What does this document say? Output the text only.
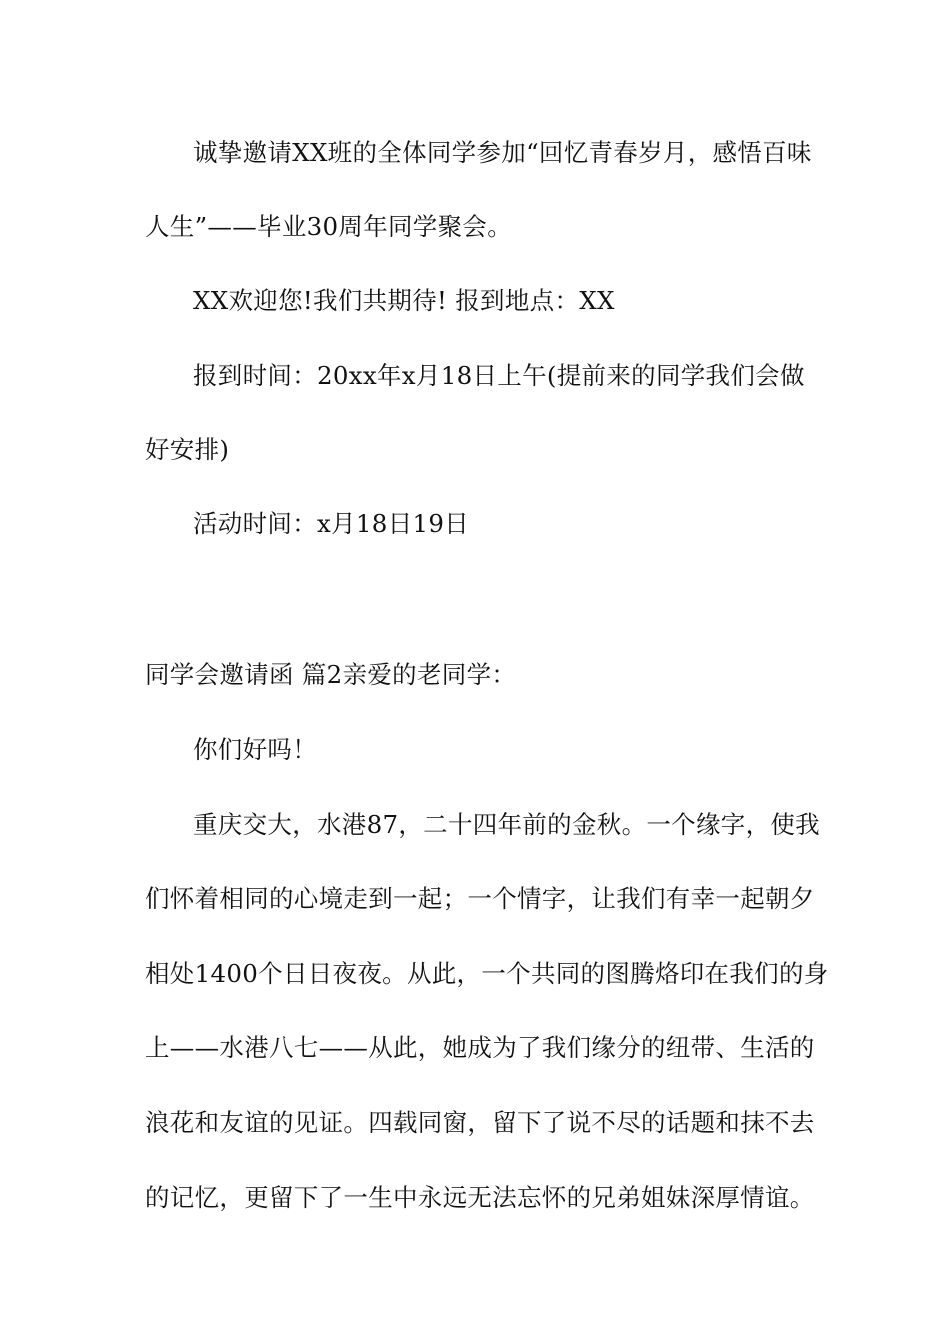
诚挚邀请XX班的全体同学参加“回忆青春岁月，感悟百味
人生”——毕业30周年同学聚会。
XX欢迎您!我们共期待! 报到地点：XX
报到时间：20xx年x月18日上午(提前来的同学我们会做
好安排)
活动时间：x月18日19日
同学会邀请函 篇2亲爱的老同学：
你们好吗！
重庆交大，水港87，二十四年前的金秋。一个缘字，使我
们怀着相同的心境走到一起；一个情字，让我们有幸一起朝夕
相处1400个日日夜夜。从此，一个共同的图腾烙印在我们的身
上——水港八七——从此，她成为了我们缘分的纽带、生活的
浪花和友谊的见证。四载同窗，留下了说不尽的话题和抹不去
的记忆，更留下了一生中永远无法忘怀的兄弟姐妹深厚情谊。
